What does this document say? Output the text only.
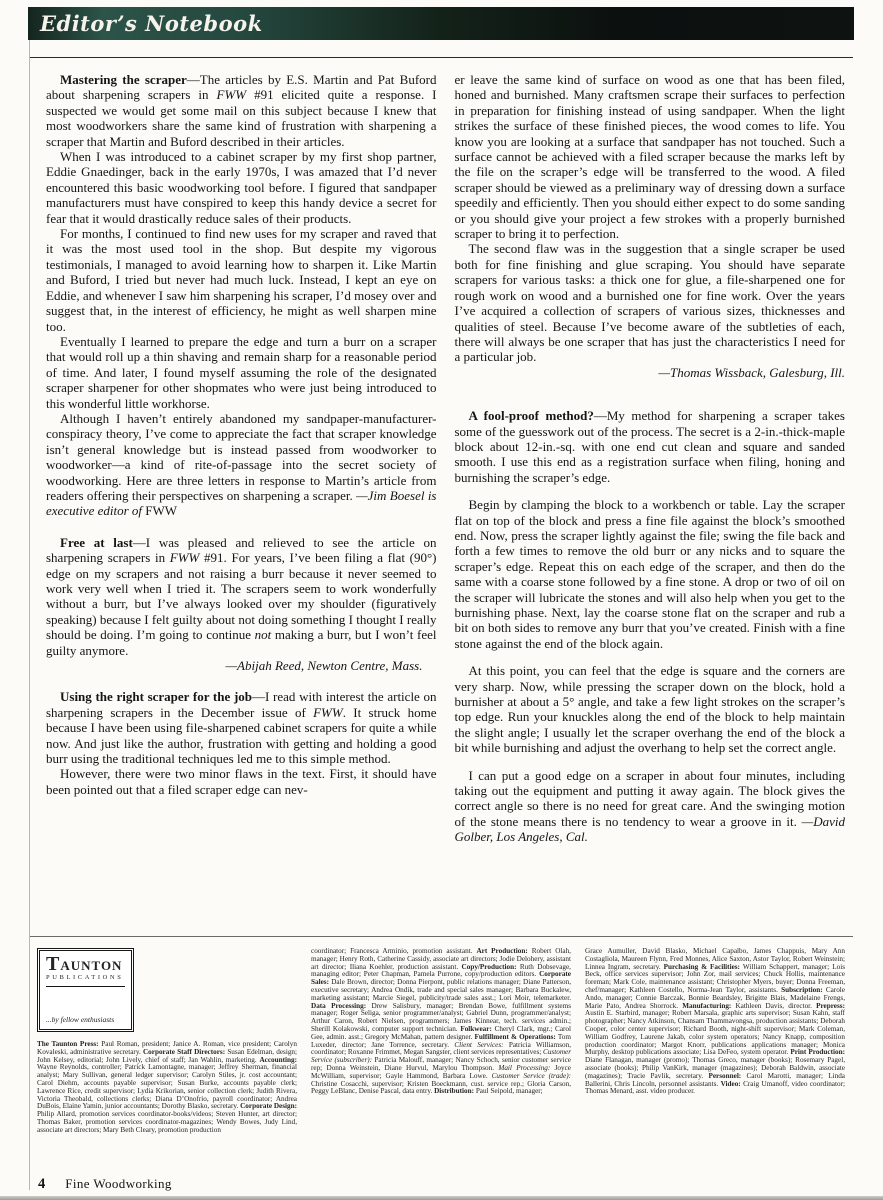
Editor’s Notebook

Mastering the scraper—The articles by E.S. Martin and Pat Buford about sharpening scrapers in FWW #91 elicited quite a response. I suspected we would get some mail on this subject because I knew that most woodworkers share the same kind of frustration with sharpening a scraper that Martin and Buford described in their articles.

When I was introduced to a cabinet scraper by my first shop partner, Eddie Gnaedinger, back in the early 1970s, I was amazed that I’d never encountered this basic woodworking tool before. I figured that sandpaper manufacturers must have conspired to keep this handy device a secret for fear that it would drastically reduce sales of their products.

For months, I continued to find new uses for my scraper and raved that it was the most used tool in the shop. But despite my vigorous testimonials, I managed to avoid learning how to sharpen it. Like Martin and Buford, I tried but never had much luck. Instead, I kept an eye on Eddie, and whenever I saw him sharpening his scraper, I’d mosey over and suggest that, in the interest of efficiency, he might as well sharpen mine too.

Eventually I learned to prepare the edge and turn a burr on a scraper that would roll up a thin shaving and remain sharp for a reasonable period of time. And later, I found myself assuming the role of the designated scraper sharpener for other shopmates who were just being introduced to this wonderful little workhorse.

Although I haven’t entirely abandoned my sandpaper-manufacturer-conspiracy theory, I’ve come to appreciate the fact that scraper knowledge isn’t general knowledge but is instead passed from woodworker to woodworker—a kind of rite-of-passage into the secret society of woodworking. Here are three letters in response to Martin’s article from readers offering their perspectives on sharpening a scraper. —Jim Boesel is executive editor of FWW

Free at last—I was pleased and relieved to see the article on sharpening scrapers in FWW #91. For years, I’ve been filing a flat (90°) edge on my scrapers and not raising a burr because it never seemed to work very well when I tried it. The scrapers seem to work wonderfully without a burr, but I’ve always looked over my shoulder (figuratively speaking) because I felt guilty about not doing something I thought I really should be doing. I’m going to continue not making a burr, but I won’t feel guilty anymore.

—Abijah Reed, Newton Centre, Mass.

Using the right scraper for the job—I read with interest the article on sharpening scrapers in the December issue of FWW. It struck home because I have been using file-sharpened cabinet scrapers for quite a while now. And just like the author, frustration with getting and holding a good burr using the traditional techniques led me to this simple method.

However, there were two minor flaws in the text. First, it should have been pointed out that a filed scraper edge can nev-

er leave the same kind of surface on wood as one that has been filed, honed and burnished. Many craftsmen scrape their surfaces to perfection in preparation for finishing instead of using sandpaper. When the light strikes the surface of these finished pieces, the wood comes to life. You know you are looking at a surface that sandpaper has not touched. Such a surface cannot be achieved with a filed scraper because the marks left by the file on the scraper’s edge will be transferred to the wood. A filed scraper should be viewed as a preliminary way of dressing down a surface speedily and efficiently. Then you should either expect to do some sanding or you should give your project a few strokes with a properly burnished scraper to bring it to perfection.

The second flaw was in the suggestion that a single scraper be used both for fine finishing and glue scraping. You should have separate scrapers for various tasks: a thick one for glue, a file-sharpened one for rough work on wood and a burnished one for fine work. Over the years I’ve acquired a collection of scrapers of various sizes, thicknesses and qualities of steel. Because I’ve become aware of the subtleties of each, there will always be one scraper that has just the characteristics I need for a particular job.

—Thomas Wissback, Galesburg, Ill.

A fool-proof method?—My method for sharpening a scraper takes some of the guesswork out of the process. The secret is a 2-in.-thick-maple block about 12-in.-sq. with one end cut clean and square and sanded smooth. I use this end as a registration surface when filing, honing and burnishing the scraper’s edge.

Begin by clamping the block to a workbench or table. Lay the scraper flat on top of the block and press a fine file against the block’s smoothed end. Now, press the scraper lightly against the file; swing the file back and forth a few times to remove the old burr or any nicks and to square the scraper’s edge. Repeat this on each edge of the scraper, and then do the same with a coarse stone followed by a fine stone. A drop or two of oil on the scraper will lubricate the stones and will also help when you get to the burnishing phase. Next, lay the coarse stone flat on the scraper and rub a bit on both sides to remove any burr that you’ve created. Finish with a fine stone against the end of the block again.

At this point, you can feel that the edge is square and the corners are very sharp. Now, while pressing the scraper down on the block, hold a burnisher at about a 5° angle, and take a few light strokes on the scraper’s top edge. Run your knuckles along the end of the block to help maintain the slight angle; I usually let the scraper overhang the end of the block a bit while burnishing and adjust the overhang to help set the correct angle.

I can put a good edge on a scraper in about four minutes, including taking out the equipment and putting it away again. The block gives the correct angle so there is no need for great care. And the swinging motion of the stone means there is no tendency to wear a groove in it. —David Golber, Los Angeles, Cal.

TAUNTON
PUBLICATIONS
...by fellow enthusiasts

The Taunton Press: Paul Roman, president; Janice A. Roman, vice president; Carolyn Kovaleski, administrative secretary. Corporate Staff Directors: Susan Edelman, design; John Kelsey, editorial; John Lively, chief of staff; Jan Wahlin, marketing. Accounting: Wayne Reynolds, controller; Patrick Lamontagne, manager; Jeffrey Sherman, financial analyst; Mary Sullivan, general ledger supervisor; Carolyn Stiles, jr. cost accountant; Carol Diehm, accounts payable supervisor; Susan Burke, accounts payable clerk; Lawrence Rice, credit supervisor; Lydia Krikorian, senior collection clerk; Judith Rivera, Victoria Theobald, collections clerks; Diana D’Onofrio, payroll coordinator; Andrea DuBois, Elaine Yamin, junior accountants; Dorothy Blasko, secretary. Corporate Design: Philip Allard, promotion services coordinator-books/videos; Steven Hunter, art director; Thomas Baker, promotion services coordinator-magazines; Wendy Bowes, Judy Lind, associate art directors; Mary Beth Cleary, promotion production

coordinator; Francesca Arminio, promotion assistant. Art Production: Robert Olah, manager; Henry Roth, Catherine Cassidy, associate art directors; Jodie Delohery, assistant art director; Iliana Koehler, production assistant. Copy/Production: Ruth Dobsevage, managing editor; Peter Chapman, Pamela Purrone, copy/production editors. Corporate Sales: Dale Brown, director; Donna Pierpont, public relations manager; Diane Patterson, executive secretary; Andrea Ondik, trade and special sales manager; Barbara Buckalew, marketing assistant; Marcie Siegel, publicity/trade sales asst.; Lori Moir, telemarketer. Data Processing: Drew Salisbury, manager; Brendan Bowe, fulfillment systems manager; Roger Seliga, senior programmer/analyst; Gabriel Dunn, programmer/analyst; Arthur Caron, Robert Nielsen, programmers; James Kinnear, tech. services admin.; Sherill Kolakowski, computer support technician. Folkwear: Cheryl Clark, mgr.; Carol Gee, admin. asst.; Gregory McMahan, pattern designer. Fulfillment & Operations: Tom Luxeder, director; Jane Torrence, secretary. Client Services: Patricia Williamson, coordinator; Roxanne Frimmet, Megan Sangster, client services representatives; Customer Service (subscriber): Patricia Malouff, manager; Nancy Schoch, senior customer service rep; Donna Weinstein, Diane Hurvul, Marylou Thompson. Mail Processing: Joyce McWilliam, supervisor; Gayle Hammond, Barbara Lowe. Customer Service (trade): Christine Cosacchi, supervisor; Kristen Boeckmann, cust. service rep.; Gloria Carson, Peggy LeBlanc, Denise Pascal, data entry. Distribution: Paul Seipold, manager;

Grace Aumuller, David Blasko, Michael Capalbo, James Chappuis, Mary Ann Costagliola, Maureen Flynn, Fred Monnes, Alice Saxton, Astor Taylor, Robert Weinstein; Linnea Ingram, secretary. Purchasing & Facilities: William Schappert, manager; Lois Beck, office services supervisor; John Zor, mail services; Chuck Hollis, maintenance foreman; Mark Cole, maintenance assistant; Christopher Myers, buyer; Donna Freeman, chef/manager; Kathleen Costello, Norma-Jean Taylor, assistants. Subscription: Carole Ando, manager; Connie Barczak, Bonnie Beardsley, Brigitte Blais, Madelaine Frengs, Marie Pato, Andrea Shorrock. Manufacturing: Kathleen Davis, director. Prepress: Austin E. Starbird, manager; Robert Marsala, graphic arts supervisor; Susan Kahn, staff photographer; Nancy Atkinson, Chansam Thammavongsa, production assistants; Deborah Cooper, color center supervisor; Richard Booth, night-shift supervisor; Mark Coleman, William Godfrey, Laurene Jakab, color system operators; Nancy Knapp, composition production coordinator; Margot Knorr, publications applications manager; Monica Murphy, desktop publications associate; Lisa DeFeo, system operator. Print Production: Diane Flanagan, manager (promo); Thomas Greco, manager (books); Rosemary Pagel, associate (books); Philip VanKirk, manager (magazines); Deborah Baldwin, associate (magazines); Tracie Pavlik, secretary. Personnel: Carol Marotti, manager; Linda Ballerini, Chris Lincoln, personnel assistants. Video: Craig Umanoff, video coordinator; Thomas Menard, asst. video producer.

4 Fine Woodworking
